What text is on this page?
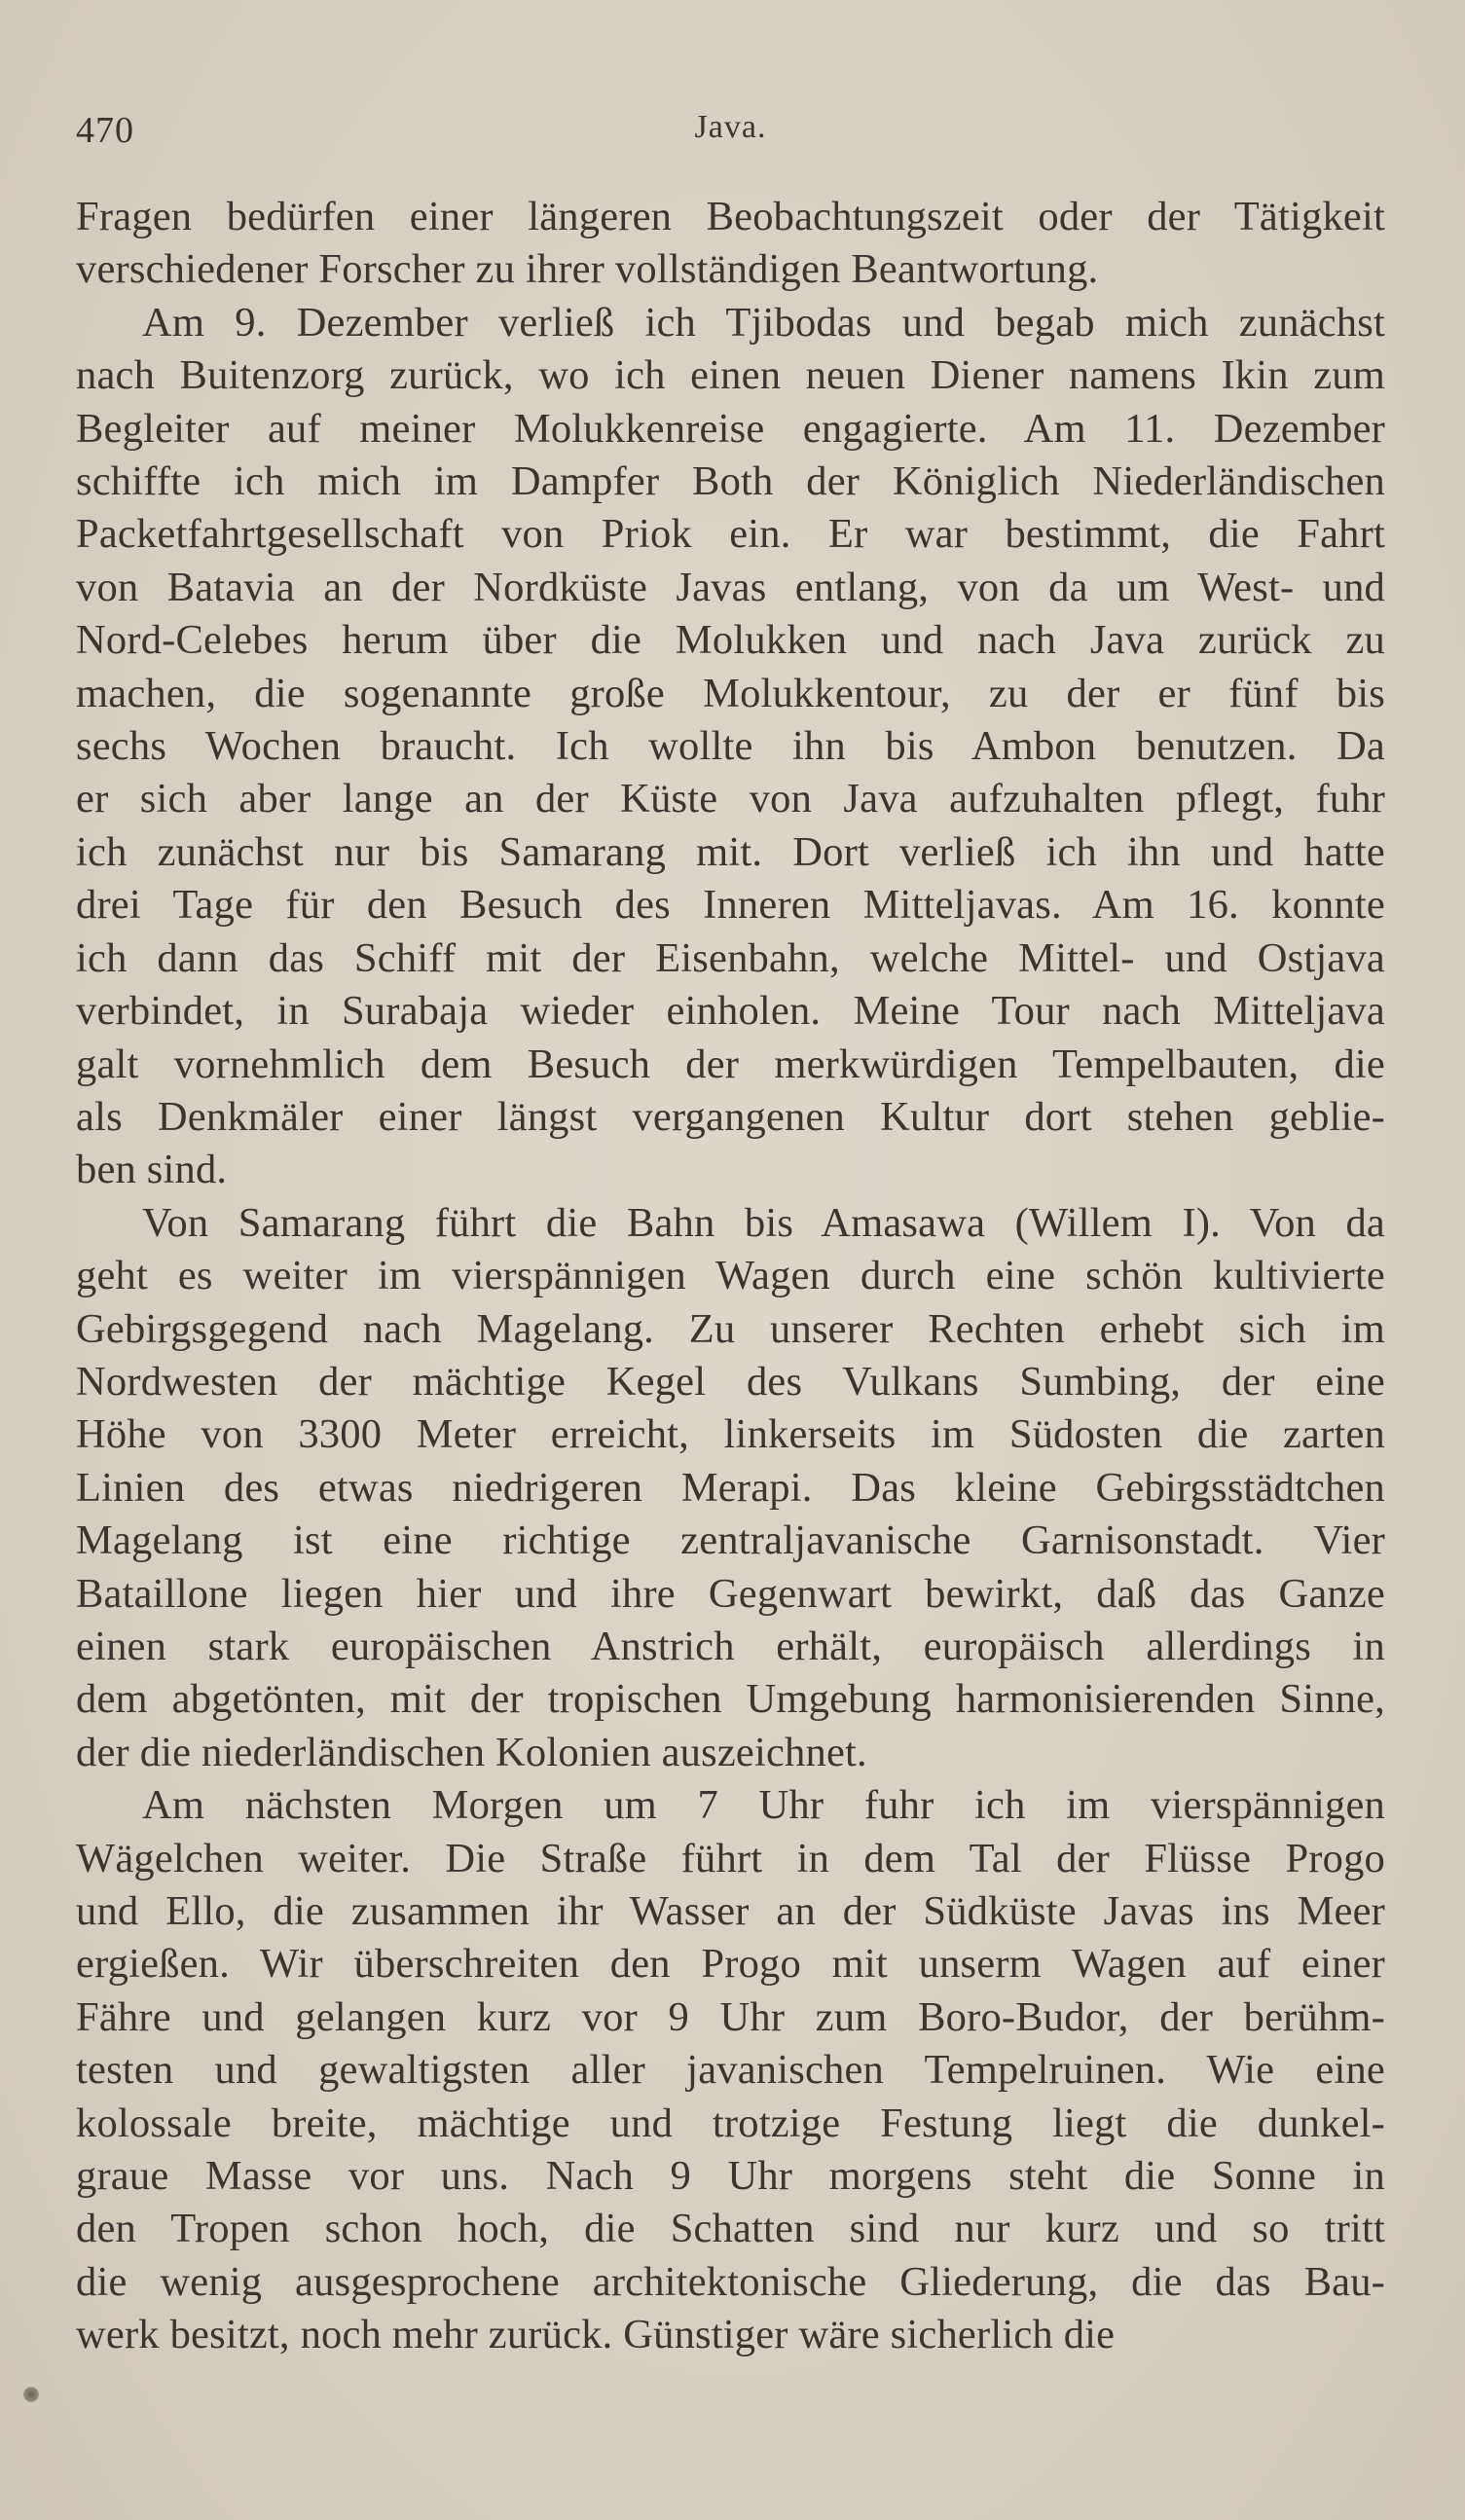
470	Java.

Fragen bedürfen einer längeren Beobachtungszeit oder der Tätigkeit
verschiedener Forscher zu ihrer vollständigen Beantwortung.

Am 9. Dezember verließ ich Tjibodas und begab mich zunächst
nach Buitenzorg zurück, wo ich einen neuen Diener namens Ikin zum
Begleiter auf meiner Molukkenreise engagierte. Am 11. Dezember
schiffte ich mich im Dampfer Both der Königlich Niederländischen
Packetfahrtgesellschaft von Priok ein. Er war bestimmt, die Fahrt
von Batavia an der Nordküste Javas entlang, von da um West- und
Nord-Celebes herum über die Molukken und nach Java zurück zu
machen, die sogenannte große Molukkentour, zu der er fünf bis
sechs Wochen braucht. Ich wollte ihn bis Ambon benutzen. Da
er sich aber lange an der Küste von Java aufzuhalten pflegt, fuhr
ich zunächst nur bis Samarang mit. Dort verließ ich ihn und hatte
drei Tage für den Besuch des Inneren Mitteljavas. Am 16. konnte
ich dann das Schiff mit der Eisenbahn, welche Mittel- und Ostjava
verbindet, in Surabaja wieder einholen. Meine Tour nach Mitteljava
galt vornehmlich dem Besuch der merkwürdigen Tempelbauten, die
als Denkmäler einer längst vergangenen Kultur dort stehen geblie-
ben sind.

Von Samarang führt die Bahn bis Amasawa (Willem I). Von da
geht es weiter im vierspännigen Wagen durch eine schön kultivierte
Gebirgsgegend nach Magelang. Zu unserer Rechten erhebt sich im
Nordwesten der mächtige Kegel des Vulkans Sumbing, der eine
Höhe von 3300 Meter erreicht, linkerseits im Südosten die zarten
Linien des etwas niedrigeren Merapi. Das kleine Gebirgsstädtchen
Magelang ist eine richtige zentraljavanische Garnisonstadt. Vier
Bataillone liegen hier und ihre Gegenwart bewirkt, daß das Ganze
einen stark europäischen Anstrich erhält, europäisch allerdings in
dem abgetönten, mit der tropischen Umgebung harmonisierenden Sinne,
der die niederländischen Kolonien auszeichnet.

Am nächsten Morgen um 7 Uhr fuhr ich im vierspännigen
Wägelchen weiter. Die Straße führt in dem Tal der Flüsse Progo
und Ello, die zusammen ihr Wasser an der Südküste Javas ins Meer
ergießen. Wir überschreiten den Progo mit unserm Wagen auf einer
Fähre und gelangen kurz vor 9 Uhr zum Boro-Budor, der berühm-
testen und gewaltigsten aller javanischen Tempelruinen. Wie eine
kolossale breite, mächtige und trotzige Festung liegt die dunkel-
graue Masse vor uns. Nach 9 Uhr morgens steht die Sonne in
den Tropen schon hoch, die Schatten sind nur kurz und so tritt
die wenig ausgesprochene architektonische Gliederung, die das Bau-
werk besitzt, noch mehr zurück. Günstiger wäre sicherlich die
